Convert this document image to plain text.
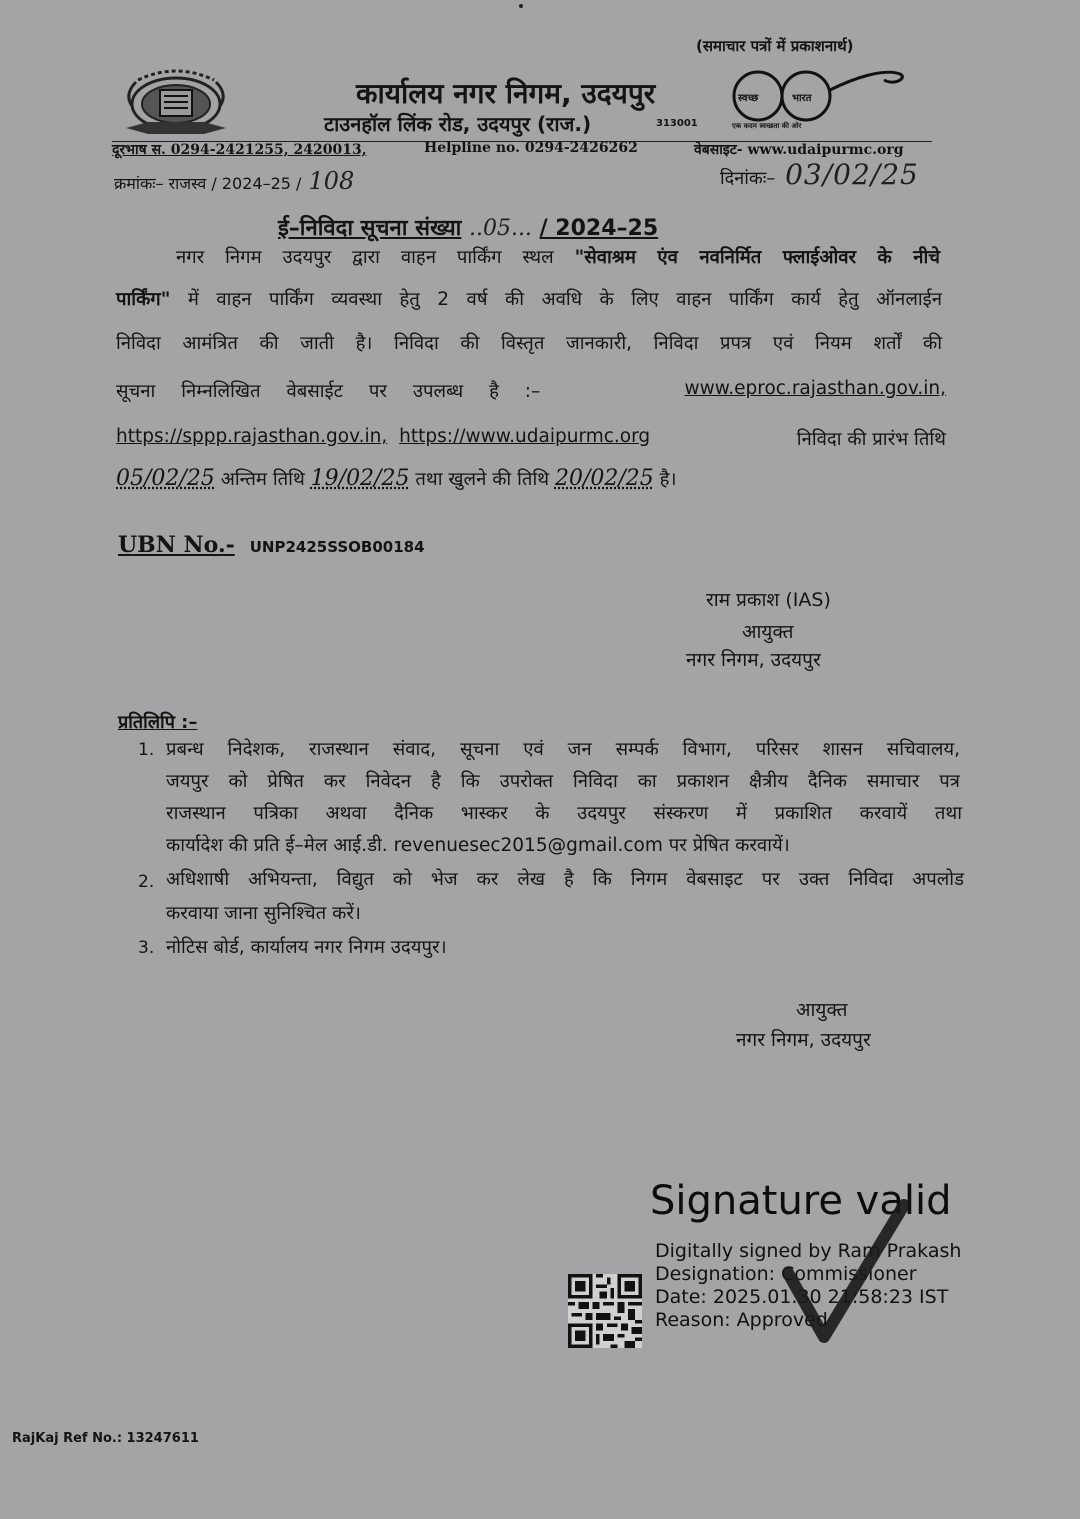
(समाचार पत्रों में प्रकाशनार्थ)
स्वच्छ	भारत
एक कदम स्वच्छता की ओर
कार्यालय नगर निगम, उदयपुर
टाउनहॉल लिंक रोड, उदयपुर (राज.)	313001
दूरभाष स. 0294-2421255, 2420013,	Helpline no. 0294-2426262	वेबसाइट- www.udaipurmc.org
क्रमांकः– राजस्व / 2024–25 / 108	दिनांकः– 03/02/25
ई–निविदा सूचना संख्या ..05... / 2024–25
नगर निगम उदयपुर द्वारा वाहन पार्किंग स्थल "सेवाश्रम एंव नवनिर्मित फ्लाईओवर के नीचे
पार्किंग" में वाहन पार्किंग व्यवस्था हेतु 2 वर्ष की अवधि के लिए वाहन पार्किंग कार्य हेतु ऑनलाईन
निविदा आमंत्रित की जाती है। निविदा की विस्तृत जानकारी, निविदा प्रपत्र एवं नियम शर्तों की
सूचना निम्नलिखित वेबसाईट पर उपलब्ध है :–	www.eproc.rajasthan.gov.in,
https://sppp.rajasthan.gov.in, https://www.udaipurmc.org	निविदा की प्रारंभ तिथि
05/02/25 अन्तिम तिथि 19/02/25 तथा खुलने की तिथि 20/02/25 है।
UBN No.- UNP2425SSOB00184
राम प्रकाश (IAS)
आयुक्त
नगर निगम, उदयपुर
प्रतिलिपि :–
1. प्रबन्ध निदेशक, राजस्थान संवाद, सूचना एवं जन सम्पर्क विभाग, परिसर शासन सचिवालय,
जयपुर को प्रेषित कर निवेदन है कि उपरोक्त निविदा का प्रकाशन क्षैत्रीय दैनिक समाचार पत्र
राजस्थान पत्रिका अथवा दैनिक भास्कर के उदयपुर संस्करण में प्रकाशित करवायें तथा
कार्यादेश की प्रति ई–मेल आई.डी. revenuesec2015@gmail.com पर प्रेषित करवायें।
2. अधिशाषी अभियन्ता, विद्युत को भेज कर लेख है कि निगम वेबसाइट पर उक्त निविदा अपलोड
करवाया जाना सुनिश्चित करें।
3. नोटिस बोर्ड, कार्यालय नगर निगम उदयपुर।
आयुक्त
नगर निगम, उदयपुर
Signature valid
Digitally signed by Ram Prakash
Designation: Commissioner
Date: 2025.01.30 21:58:23 IST
Reason: Approved
RajKaj Ref No.: 13247611
